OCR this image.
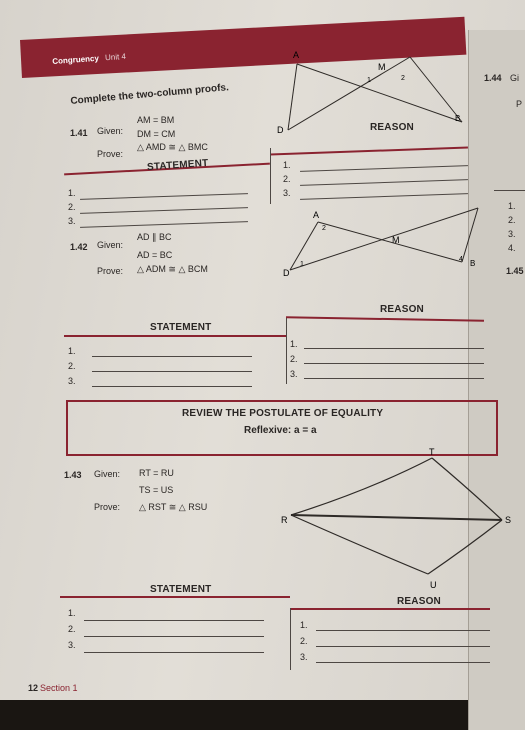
1.44 Gi
P
1.
2.
3.
4.
1.45
Congruency Unit 4
Complete the two-column proofs.
1.41 Given:
AM = BM
DM = CM
Prove:
△ AMD ≅ △ BMC
STATEMENT
REASON
1.
2.
3.
1.
2.
3.
1.42 Given:
AD ∥ BC
AD = BC
Prove: △ ADM ≅ △ BCM
STATEMENT
REASON
1.
2.
3.
1.
2.
3.
REVIEW THE POSTULATE OF EQUALITY
Reflexive: a = a
1.43 Given: RT = RU
TS = US
Prove: △ RST ≅ △ RSU
STATEMENT
REASON
1.
2.
3.
1.
2.
3.
A
M
1	2
B
D
A
2
M
D
1
4 B
T
R
U
S
12 Section 1
